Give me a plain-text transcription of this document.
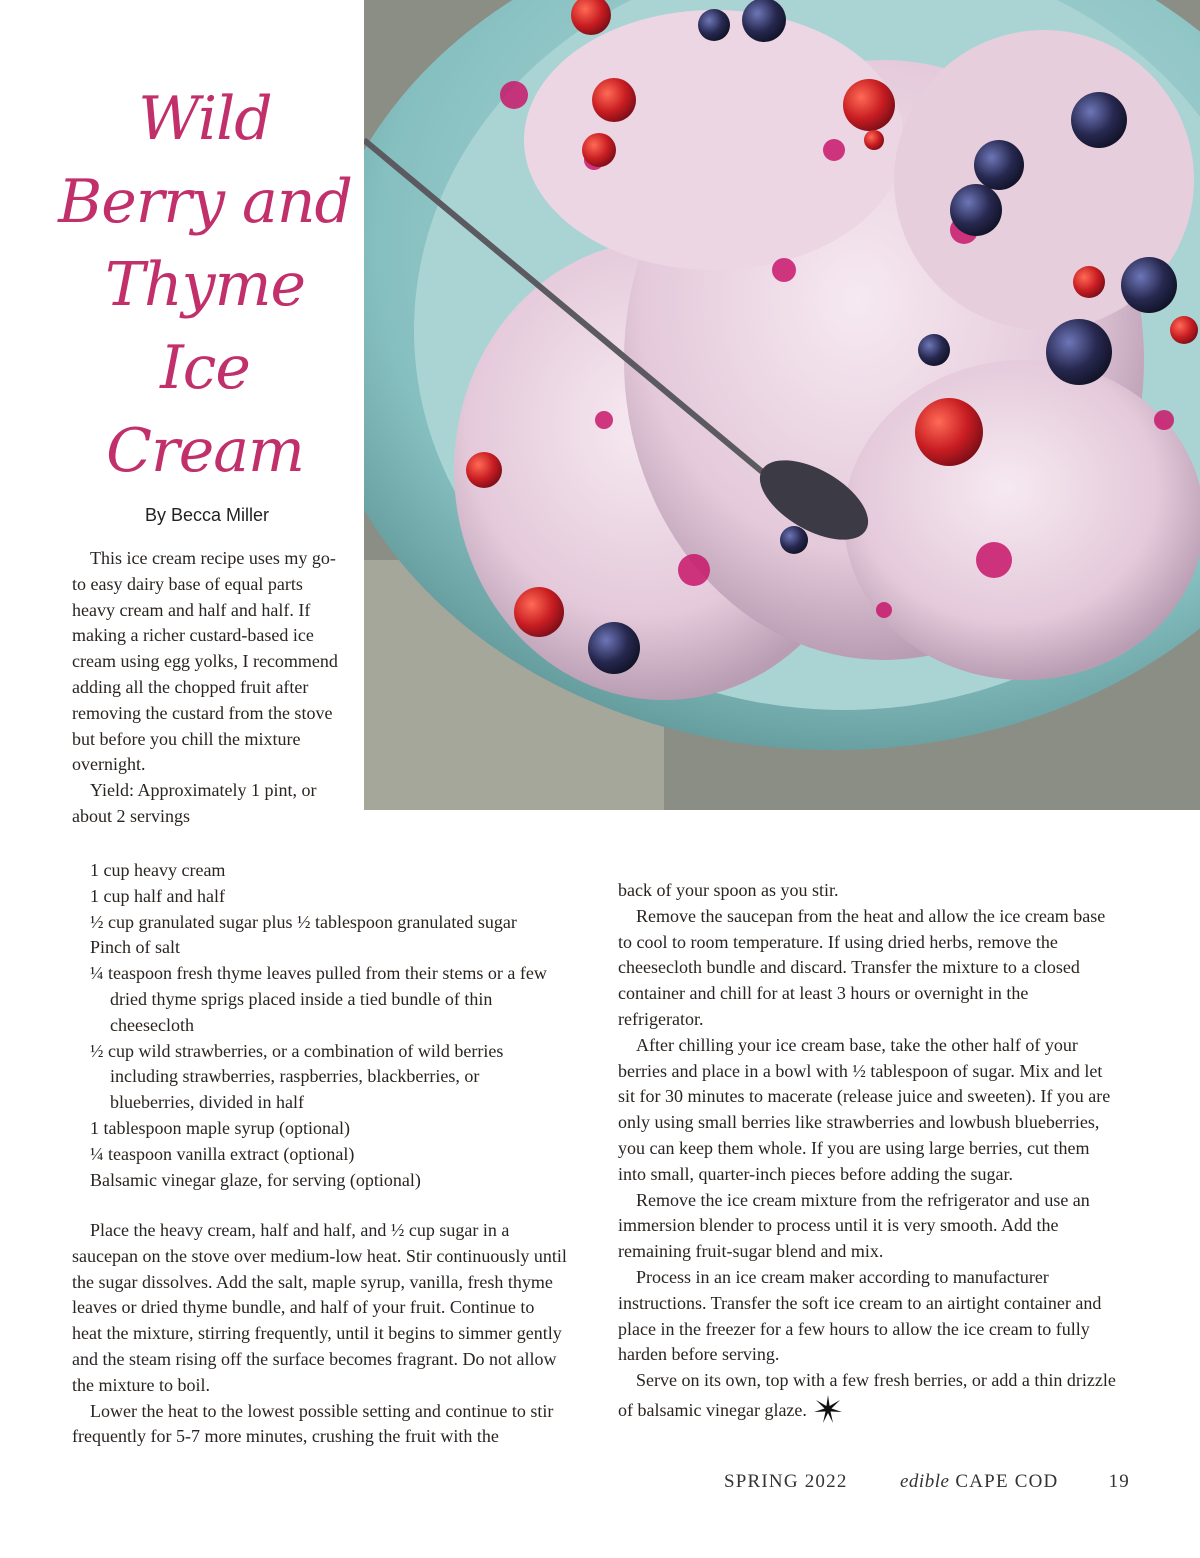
Wild
Berry and
Thyme
Ice
Cream
By Becca Miller

This ice cream recipe uses my go-to easy dairy base of equal parts heavy cream and half and half. If making a richer custard-based ice cream using egg yolks, I recommend adding all the chopped fruit after removing the custard from the stove but before you chill the mixture overnight.

Yield: Approximately 1 pint, or about 2 servings

1 cup heavy cream
1 cup half and half
½ cup granulated sugar plus ½ tablespoon granulated sugar
Pinch of salt
¼ teaspoon fresh thyme leaves pulled from their stems or a few dried thyme sprigs placed inside a tied bundle of thin cheesecloth
½ cup wild strawberries, or a combination of wild berries including strawberries, raspberries, blackberries, or blueberries, divided in half
1 tablespoon maple syrup (optional)
¼ teaspoon vanilla extract (optional)
Balsamic vinegar glaze, for serving (optional)

Place the heavy cream, half and half, and ½ cup sugar in a saucepan on the stove over medium-low heat. Stir continuously until the sugar dissolves. Add the salt, maple syrup, vanilla, fresh thyme leaves or dried thyme bundle, and half of your fruit. Continue to heat the mixture, stirring frequently, until it begins to simmer gently and the steam rising off the surface becomes fragrant. Do not allow the mixture to boil.

Lower the heat to the lowest possible setting and continue to stir frequently for 5-7 more minutes, crushing the fruit with the

back of your spoon as you stir.

Remove the saucepan from the heat and allow the ice cream base to cool to room temperature. If using dried herbs, remove the cheesecloth bundle and discard. Transfer the mixture to a closed container and chill for at least 3 hours or overnight in the refrigerator.

After chilling your ice cream base, take the other half of your berries and place in a bowl with ½ tablespoon of sugar. Mix and let sit for 30 minutes to macerate (release juice and sweeten). If you are only using small berries like strawberries and lowbush blueberries, you can keep them whole. If you are using large berries, cut them into small, quarter-inch pieces before adding the sugar.

Remove the ice cream mixture from the refrigerator and use an immersion blender to process until it is very smooth. Add the remaining fruit-sugar blend and mix.

Process in an ice cream maker according to manufacturer instructions. Transfer the soft ice cream to an airtight container and place in the freezer for a few hours to allow the ice cream to fully harden before serving.

Serve on its own, top with a few fresh berries, or add a thin drizzle of balsamic vinegar glaze.

SPRING 2022	edible CAPE COD	19
